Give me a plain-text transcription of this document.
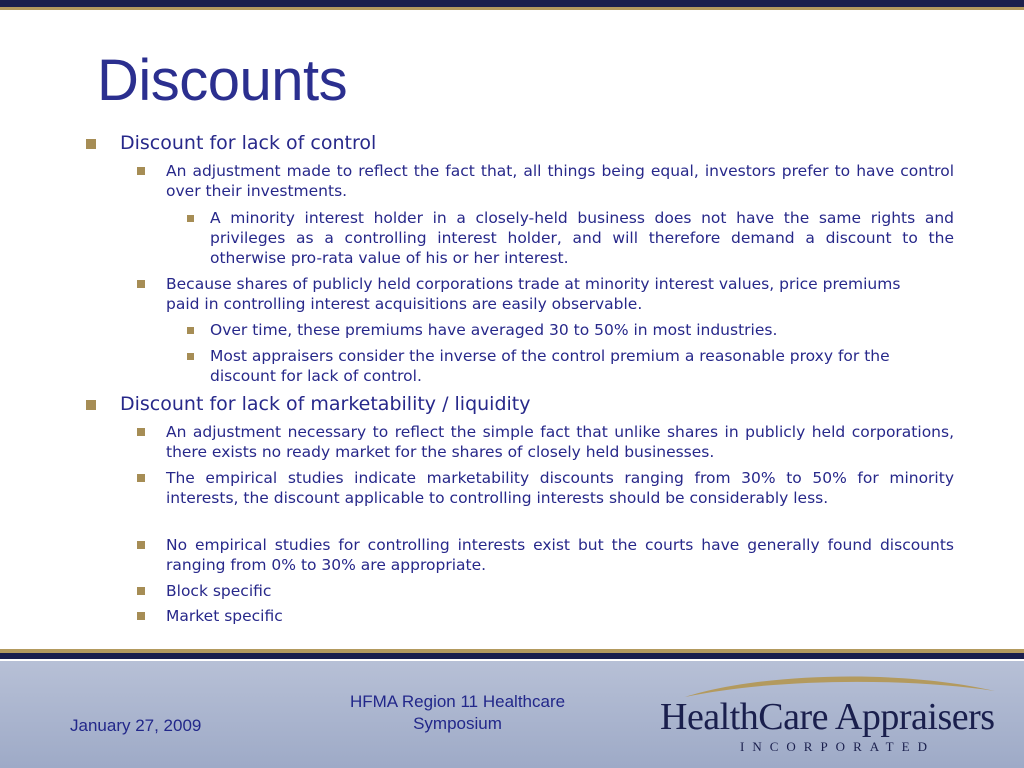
Discounts
Discount for lack of control
An adjustment made to reflect the fact that, all things being equal, investors prefer to have control over their investments.
A minority interest holder in a closely-held business does not have the same rights and privileges as a controlling interest holder, and will therefore demand a discount to the otherwise pro-rata value of his or her interest.
Because shares of publicly held corporations trade at minority interest values, price premiums paid in controlling interest acquisitions are easily observable.
Over time, these premiums have averaged 30 to 50% in most industries.
Most appraisers consider the inverse of the control premium a reasonable proxy for the discount for lack of control.
Discount for lack of marketability / liquidity
An adjustment necessary to reflect the simple fact that unlike shares in publicly held corporations, there exists no ready market for the shares of closely held businesses.
The empirical studies indicate marketability discounts ranging from 30% to 50% for minority interests, the discount applicable to controlling interests should be considerably less.
No empirical studies for controlling interests exist but the courts have generally found discounts ranging from 0% to 30% are appropriate.
Block specific
Market specific
January 27, 2009
HFMA Region 11 Healthcare Symposium	HealthCare Appraisers
INCORPORATED
